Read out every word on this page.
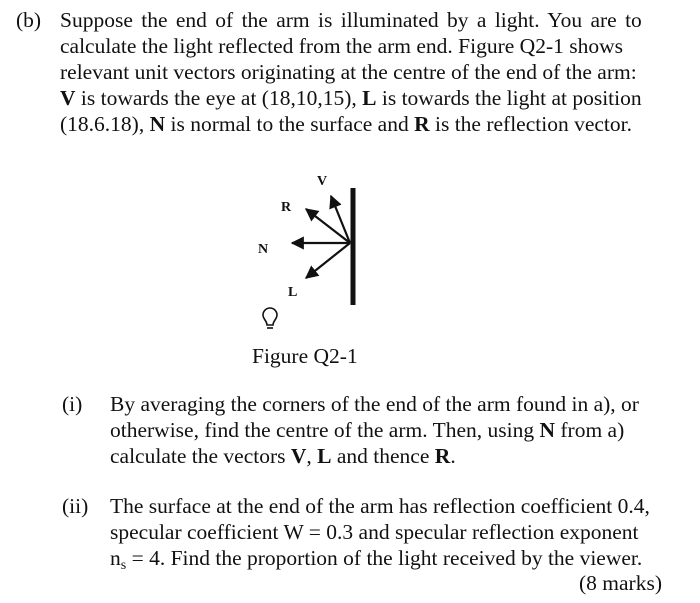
(b) Suppose the end of the arm is illuminated by a light. You are to
calculate the light reflected from the arm end. Figure Q2-1 shows
relevant unit vectors originating at the centre of the end of the arm:
V is towards the eye at (18,10,15), L is towards the light at position
(18.6.18), N is normal to the surface and R is the reflection vector.
V
R
N
L
Figure Q2-1
(i) By averaging the corners of the end of the arm found in a), or
otherwise, find the centre of the arm. Then, using N from a)
calculate the vectors V, L and thence R.
(ii) The surface at the end of the arm has reflection coefficient 0.4,
specular coefficient W = 0.3 and specular reflection exponent
$n_s = 4$. Find the proportion of the light received by the viewer.
(8 marks)
